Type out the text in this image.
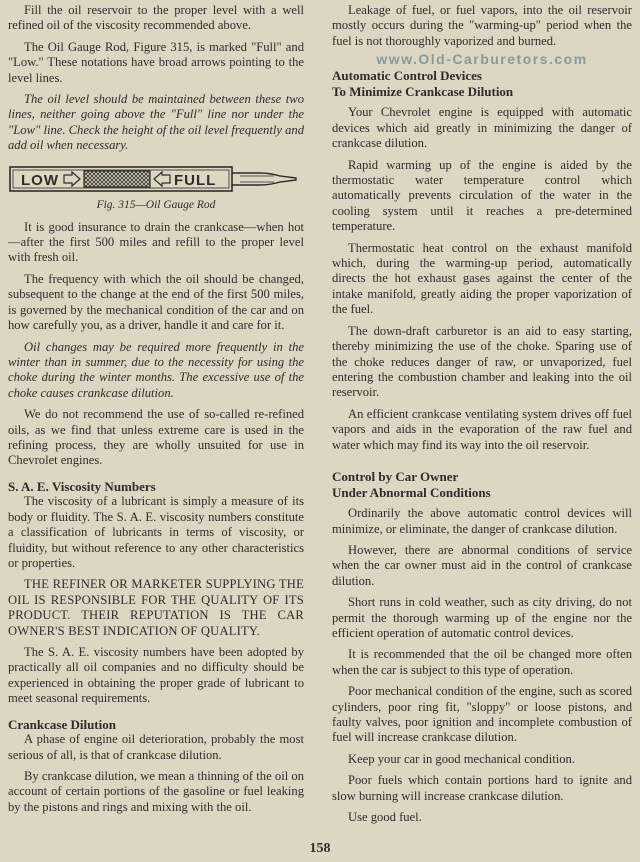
Fill the oil reservoir to the proper level with a well refined oil of the viscosity recommended above.

The Oil Gauge Rod, Figure 315, is marked "Full" and "Low." These notations have broad arrows pointing to the level lines.

The oil level should be maintained between these two lines, neither going above the "Full" line nor under the "Low" line. Check the height of the oil level frequently and add oil when necessary.

LOW	FULL
Fig. 315—Oil Gauge Rod

It is good insurance to drain the crankcase—when hot—after the first 500 miles and refill to the proper level with fresh oil.

The frequency with which the oil should be changed, subsequent to the change at the end of the first 500 miles, is governed by the mechanical condition of the car and on how carefully you, as a driver, handle it and care for it.

Oil changes may be required more frequently in the winter than in summer, due to the necessity for using the choke during the winter months. The excessive use of the choke causes crankcase dilution.

We do not recommend the use of so-called re-refined oils, as we find that unless extreme care is used in the refining process, they are wholly unsuited for use in Chevrolet engines.

S. A. E. Viscosity Numbers

The viscosity of a lubricant is simply a measure of its body or fluidity. The S. A. E. viscosity numbers constitute a classification of lubricants in terms of viscosity, or fluidity, but without reference to any other characteristics or properties.

THE REFINER OR MARKETER SUPPLYING THE OIL IS RESPONSIBLE FOR THE QUALITY OF ITS PRODUCT. THEIR REPUTATION IS THE CAR OWNER'S BEST INDICATION OF QUALITY.

The S. A. E. viscosity numbers have been adopted by practically all oil companies and no difficulty should be experienced in obtaining the proper grade of lubricant to meet seasonal requirements.

Crankcase Dilution

A phase of engine oil deterioration, probably the most serious of all, is that of crankcase dilution.

By crankcase dilution, we mean a thinning of the oil on account of certain portions of the gasoline or fuel leaking by the pistons and rings and mixing with the oil.

Leakage of fuel, or fuel vapors, into the oil reservoir mostly occurs during the "warming-up" period when the fuel is not thoroughly vaporized and burned.

www.Old-Carburetors.com
Automatic Control Devices
To Minimize Crankcase Dilution

Your Chevrolet engine is equipped with automatic devices which aid greatly in minimizing the danger of crankcase dilution.

Rapid warming up of the engine is aided by the thermostatic water temperature control which automatically prevents circulation of the water in the cooling system until it reaches a pre-determined temperature.

Thermostatic heat control on the exhaust manifold which, during the warming-up period, automatically directs the hot exhaust gases against the center of the intake manifold, greatly aiding the proper vaporization of the fuel.

The down-draft carburetor is an aid to easy starting, thereby minimizing the use of the choke. Sparing use of the choke reduces danger of raw, or unvaporized, fuel entering the combustion chamber and leaking into the oil reservoir.

An efficient crankcase ventilating system drives off fuel vapors and aids in the evaporation of the raw fuel and water which may find its way into the oil reservoir.

Control by Car Owner
Under Abnormal Conditions

Ordinarily the above automatic control devices will minimize, or eliminate, the danger of crankcase dilution.

However, there are abnormal conditions of service when the car owner must aid in the control of crankcase dilution.

Short runs in cold weather, such as city driving, do not permit the thorough warming up of the engine nor the efficient operation of automatic control devices.

It is recommended that the oil be changed more often when the car is subject to this type of operation.

Poor mechanical condition of the engine, such as scored cylinders, poor ring fit, "sloppy" or loose pistons, and faulty valves, poor ignition and incomplete combustion of fuel will increase crankcase dilution.

Keep your car in good mechanical condition.

Poor fuels which contain portions hard to ignite and slow burning will increase crankcase dilution.

Use good fuel.

158
